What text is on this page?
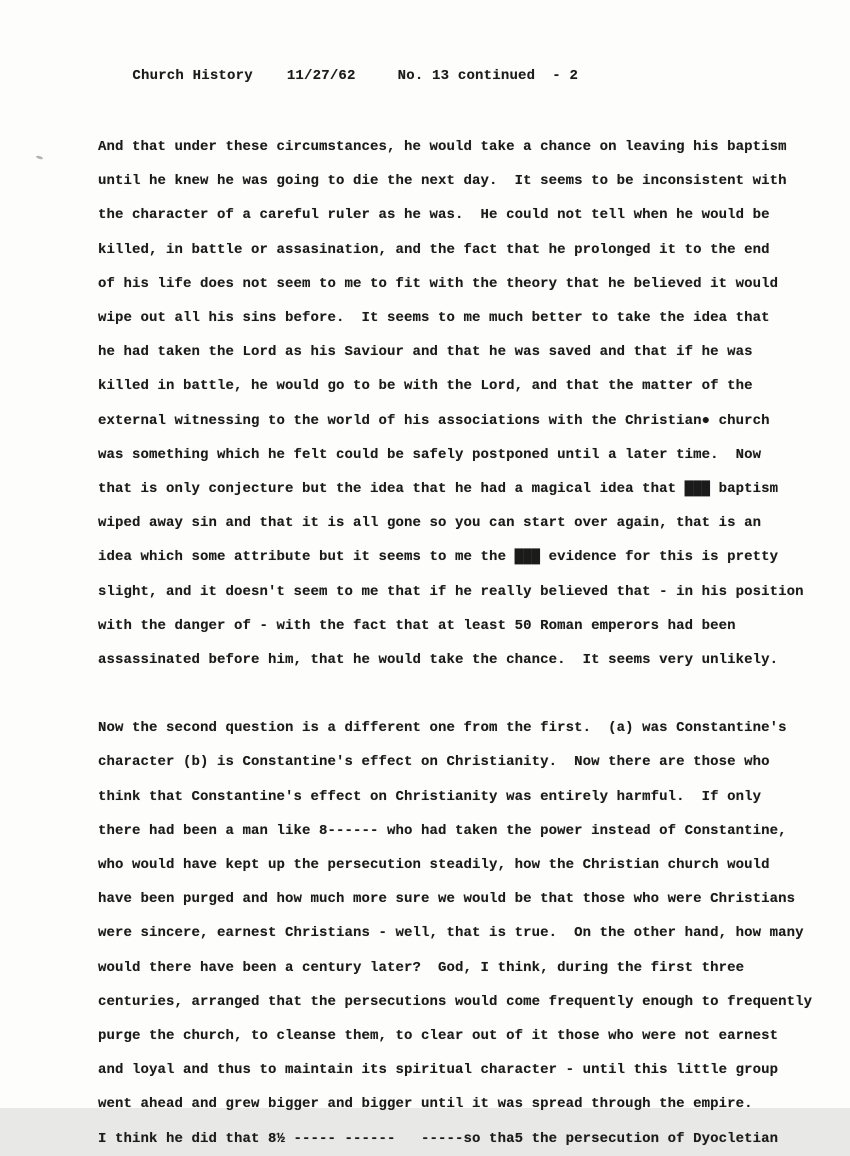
Church History 11/27/62	No. 13 continued - 2

And that under these circumstances, he would take a chance on leaving his baptism
until he knew he was going to die the next day.  It seems to be inconsistent with
the character of a careful ruler as he was.  He could not tell when he would be
killed, in battle or assasination, and the fact that he prolonged it to the end
of his life does not seem to me to fit with the theory that he believed it would
wipe out all his sins before.  It seems to me much better to take the idea that
he had taken the Lord as his Saviour and that he was saved and that if he was
killed in battle, he would go to be with the Lord, and that the matter of the
external witnessing to the world of his associations with the Christian● church
was something which he felt could be safely postponed until a later time.  Now
that is only conjecture but the idea that he had a magical idea that ███ baptism
wiped away sin and that it is all gone so you can start over again, that is an
idea which some attribute but it seems to me the ███ evidence for this is pretty
slight, and it doesn't seem to me that if he really believed that - in his position
with the danger of - with the fact that at least 50 Roman emperors had been
assassinated before him, that he would take the chance.  It seems very unlikely.
Now the second question is a different one from the first.  (a) was Constantine's
character (b) is Constantine's effect on Christianity.  Now there are those who
think that Constantine's effect on Christianity was entirely harmful.  If only
there had been a man like 8------ who had taken the power instead of Constantine,
who would have kept up the persecution steadily, how the Christian church would
have been purged and how much more sure we would be that those who were Christians
were sincere, earnest Christians - well, that is true.  On the other hand, how many
would there have been a century later?  God, I think, during the first three
centuries, arranged that the persecutions would come frequently enough to frequently
purge the church, to cleanse them, to clear out of it those who were not earnest
and loyal and thus to maintain its spiritual character - until this little group
went ahead and grew bigger and bigger until it was spread through the empire.
I think he did that 8½ ----- ------   -----so tha5 the persecution of Dyocletian
